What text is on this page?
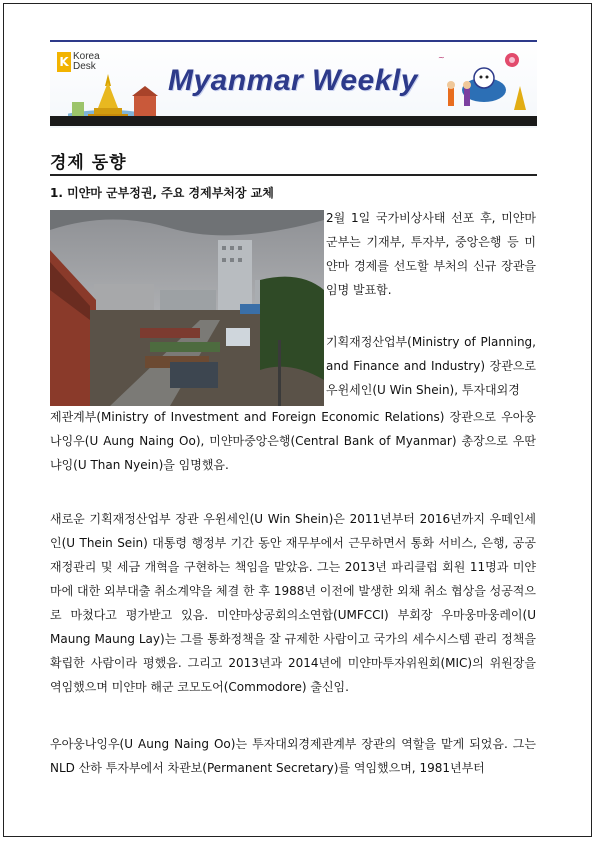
K Korea
Desk Myanmar Weekly
~
경제 동향
1. 미얀마 군부정권, 주요 경제부처장 교체

2월 1일 국가비상사태 선포 후, 미얀마 군부는 기재부, 투자부, 중앙은행 등 미얀마 경제를 선도할 부처의 신규 장관을 임명 발표함.

기획재정산업부(Ministry of Planning, and Finance and Industry) 장관으로 우윈세인(U Win Shein), 투자대외경

제관계부(Ministry of Investment and Foreign Economic Relations) 장관으로 우아웅나잉우(U Aung Naing Oo), 미얀마중앙은행(Central Bank of Myanmar) 총장으로 우딴냐잉(U Than Nyein)을 임명했음.

새로운 기획재정산업부 장관 우윈세인(U Win Shein)은 2011년부터 2016년까지 우떼인세인(U Thein Sein) 대통령 행정부 기간 동안 재무부에서 근무하면서 통화 서비스, 은행, 공공재정관리 및 세금 개혁을 구현하는 책임을 맡았음. 그는 2013년 파리클럽 회원 11명과 미얀마에 대한 외부대출 취소계약을 체결 한 후 1988년 이전에 발생한 외채 취소 협상을 성공적으로 마쳤다고 평가받고 있음. 미얀마상공회의소연합(UMFCCI) 부회장 우마웅마웅레이(U Maung Maung Lay)는 그를 통화정책을 잘 규제한 사람이고 국가의 세수시스템 관리 정책을 확립한 사람이라 평했음. 그리고 2013년과 2014년에 미얀마투자위원회(MIC)의 위원장을 역임했으며 미얀마 해군 코모도어(Commodore) 출신임.

우아웅나잉우(U Aung Naing Oo)는 투자대외경제관계부 장관의 역할을 맡게 되었음. 그는 NLD 산하 투자부에서 차관보(Permanent Secretary)를 역임했으며, 1981년부터
